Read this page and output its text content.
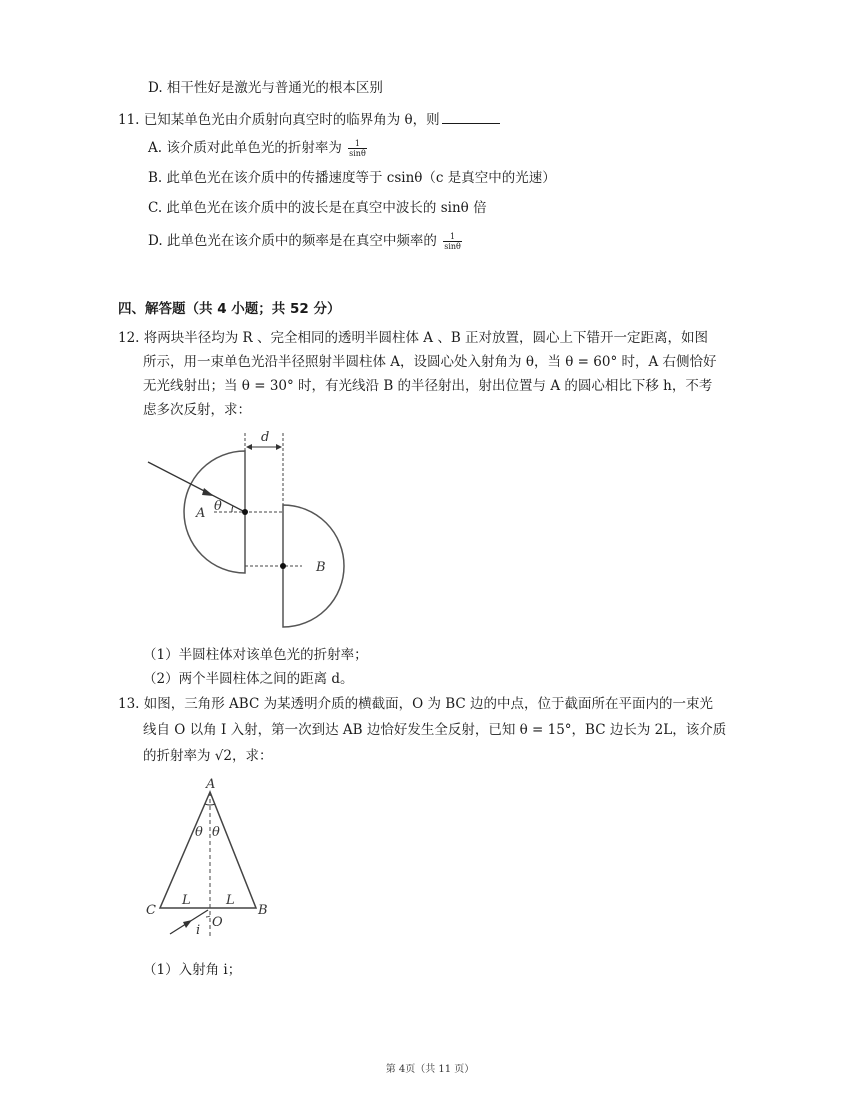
D. 相干性好是激光与普通光的根本区别
11. 已知某单色光由介质射向真空时的临界角为 θ，则
A. 该介质对此单色光的折射率为 $\frac{1}{\sin\theta}$
B. 此单色光在该介质中的传播速度等于 csinθ（c 是真空中的光速）
C. 此单色光在该介质中的波长是在真空中波长的 sinθ 倍
D. 此单色光在该介质中的频率是在真空中频率的 $\frac{1}{\sin\theta}$
四、解答题（共 4 小题；共 52 分）
12. 将两块半径均为 R 、完全相同的透明半圆柱体 A 、B 正对放置，圆心上下错开一定距离，如图
所示，用一束单色光沿半径照射半圆柱体 A，设圆心处入射角为 θ，当 θ = 60° 时，A 右侧恰好
无光线射出；当 θ = 30° 时，有光线沿 B 的半径射出，射出位置与 A 的圆心相比下移 h，不考
虑多次反射，求：
d
θ
A
B
（1）半圆柱体对该单色光的折射率；
（2）两个半圆柱体之间的距离 d。
13. 如图，三角形 ABC 为某透明介质的横截面，O 为 BC 边的中点，位于截面所在平面内的一束光
线自 O 以角 I 入射，第一次到达 AB 边恰好发生全反射，已知 θ = 15°，BC 边长为 2L，该介质
的折射率为 √2，求：
A
θ θ
C	B
L	L
O
i
（1）入射角 i；
第 4页（共 11 页）
